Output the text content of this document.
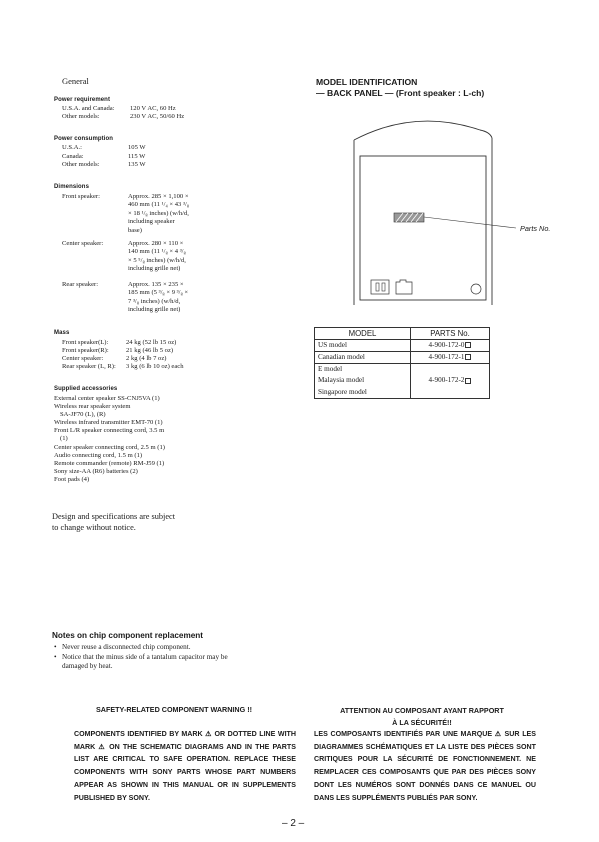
General
Power requirement
U.S.A. and Canada: 120 V AC, 60 Hz
Other models:	230 V AC, 50/60 Hz
Power consumption
U.S.A.:	105 W
Canada:	115 W
Other models:	135 W
Dimensions
Front speaker:	Approx. 285 × 1,100 × 460 mm (11 ¹/₄ × 43 ³/₈ × 18 ¹/₈ inches) (w/h/d, including speaker base)
Center speaker:	Approx. 280 × 110 × 140 mm (11 ¹/₈ × 4 ³/₈ × 5 ⁵/₈ inches) (w/h/d, including grille net)
Rear speaker:	Approx. 135 × 235 × 185 mm (5 ³/₈ × 9 ³/₈ × 7 ³/₈ inches) (w/h/d, including grille net)
Mass
Front speaker(L):	24 kg (52 lb 15 oz)
Front speaker(R):	21 kg (46 lb 5 oz)
Center speaker:	2 kg (4 lb 7 oz)
Rear speaker (L, R): 3 kg (6 lb 10 oz) each
Supplied accessories
External center speaker SS-CNJ5VA (1)
Wireless rear speaker system
SA-JF70 (L), (R)
Wireless infrared transmitter EMT-70 (1)
Front L/R speaker connecting cord, 3.5 m
(1)
Center speaker connecting cord, 2.5 m (1)
Audio connecting cord, 1.5 m (1)
Remote commander (remote) RM-J59 (1)
Sony size-AA (R6) batteries (2)
Foot pads (4)
Design and specifications are subject
to change without notice.
MODEL IDENTIFICATION
— BACK PANEL — (Front speaker : L-ch)
Parts No.
MODEL	PARTS No.
US model	4-900-172-0
Canadian model	4-900-172-1

E model	4-900-172-2
Malaysia model	
Singapore model	
Notes on chip component replacement
• Never reuse a disconnected chip component.
• Notice that the minus side of a tantalum capacitor may be
damaged by heat.
SAFETY-RELATED COMPONENT WARNING !!
COMPONENTS IDENTIFIED BY MARK ⚠ OR DOTTED LINE WITH MARK ⚠ ON THE SCHEMATIC DIAGRAMS AND IN THE PARTS LIST ARE CRITICAL TO SAFE OPERATION. REPLACE THESE COMPONENTS WITH SONY PARTS WHOSE PART NUMBERS APPEAR AS SHOWN IN THIS MANUAL OR IN SUPPLEMENTS PUBLISHED BY SONY.
ATTENTION AU COMPOSANT AYANT RAPPORT
À LA SÉCURITÉ!!
LES COMPOSANTS IDENTIFIÉS PAR UNE MARQUE ⚠ SUR LES DIAGRAMMES SCHÉMATIQUES ET LA LISTE DES PIÈCES SONT CRITIQUES POUR LA SÉCURITÉ DE FONCTIONNEMENT. NE REMPLACER CES COMPOSANTS QUE PAR DES PIÈCES SONY DONT LES NUMÉROS SONT DONNÉS DANS CE MANUEL OU DANS LES SUPPLÉMENTS PUBLIÉS PAR SONY.
– 2 –
